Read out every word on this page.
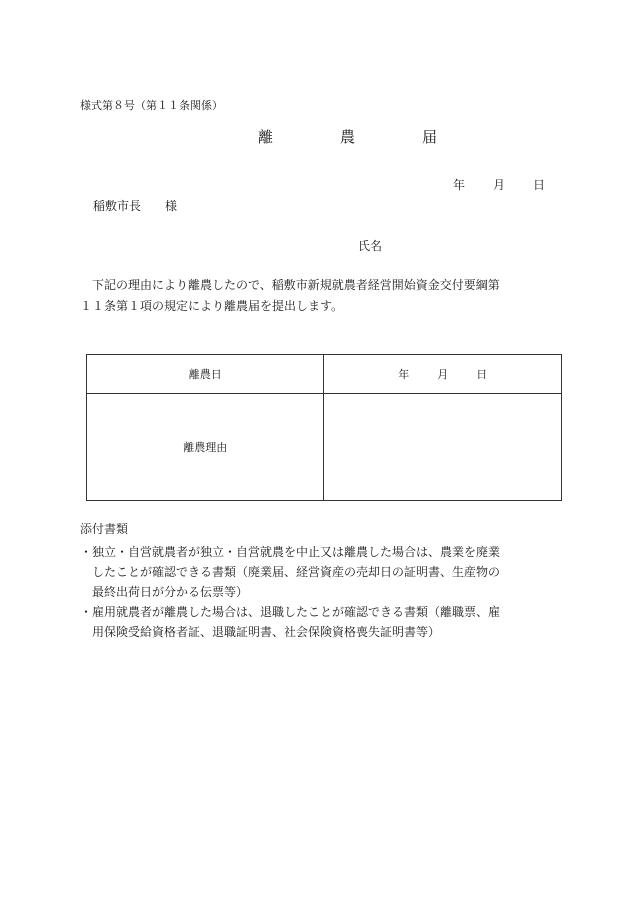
様式第８号（第１１条関係）
離　農　届
年 月 日
稲敷市長　　様
氏名
　下記の理由により離農したので、稲敷市新規就農者経営開始資金交付要綱第
１１条第１項の規定により離農届を提出します。
離農日	年 月 日
離農理由	
添付書類
・ 独立・自営就農者が独立・自営就農を中止又は離農した場合は、農業を廃業
したことが確認できる書類（廃業届、経営資産の売却日の証明書、生産物の
最終出荷日が分かる伝票等）
・ 雇用就農者が離農した場合は、退職したことが確認できる書類（離職票、雇
用保険受給資格者証、退職証明書、社会保険資格喪失証明書等）
